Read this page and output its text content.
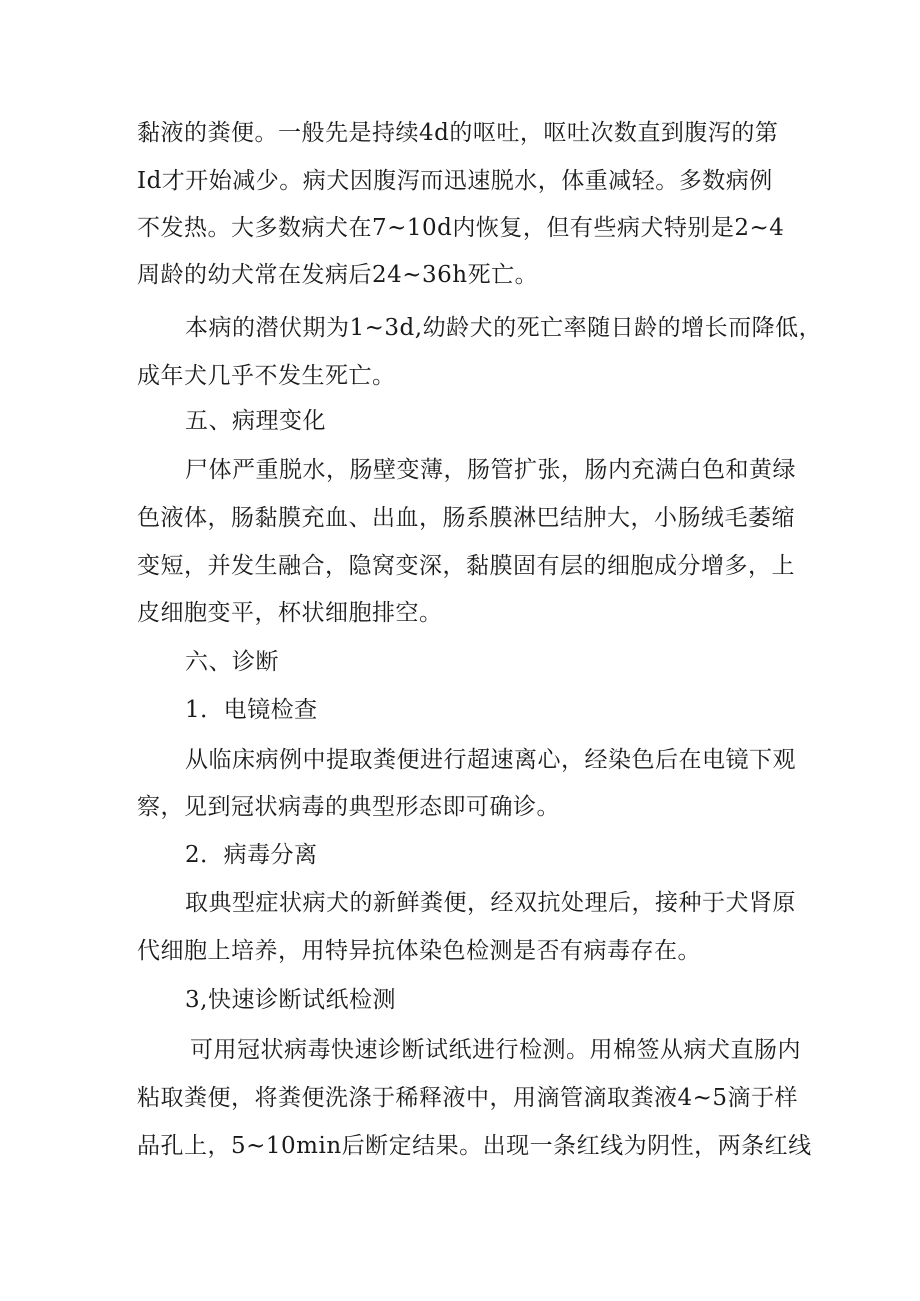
黏液的粪便。一般先是持续4d的呕吐，呕吐次数直到腹泻的第
Id才开始减少。病犬因腹泻而迅速脱水，体重减轻。多数病例
不发热。大多数病犬在7~10d内恢复，但有些病犬特别是2~4
周龄的幼犬常在发病后24~36h死亡。
本病的潜伏期为1~3d,幼龄犬的死亡率随日龄的增长而降低，
成年犬几乎不发生死亡。
五、病理变化
尸体严重脱水，肠壁变薄，肠管扩张，肠内充满白色和黄绿
色液体，肠黏膜充血、出血，肠系膜淋巴结肿大，小肠绒毛萎缩
变短，并发生融合，隐窝变深，黏膜固有层的细胞成分增多，上
皮细胞变平，杯状细胞排空。
六、诊断
1．电镜检查
从临床病例中提取粪便进行超速离心，经染色后在电镜下观
察，见到冠状病毒的典型形态即可确诊。
2．病毒分离
取典型症状病犬的新鲜粪便，经双抗处理后，接种于犬肾原
代细胞上培养，用特异抗体染色检测是否有病毒存在。
3,快速诊断试纸检测
可用冠状病毒快速诊断试纸进行检测。用棉签从病犬直肠内
粘取粪便，将粪便洗涤于稀释液中，用滴管滴取粪液4~5滴于样
品孔上，5~10min后断定结果。出现一条红线为阴性，两条红线
